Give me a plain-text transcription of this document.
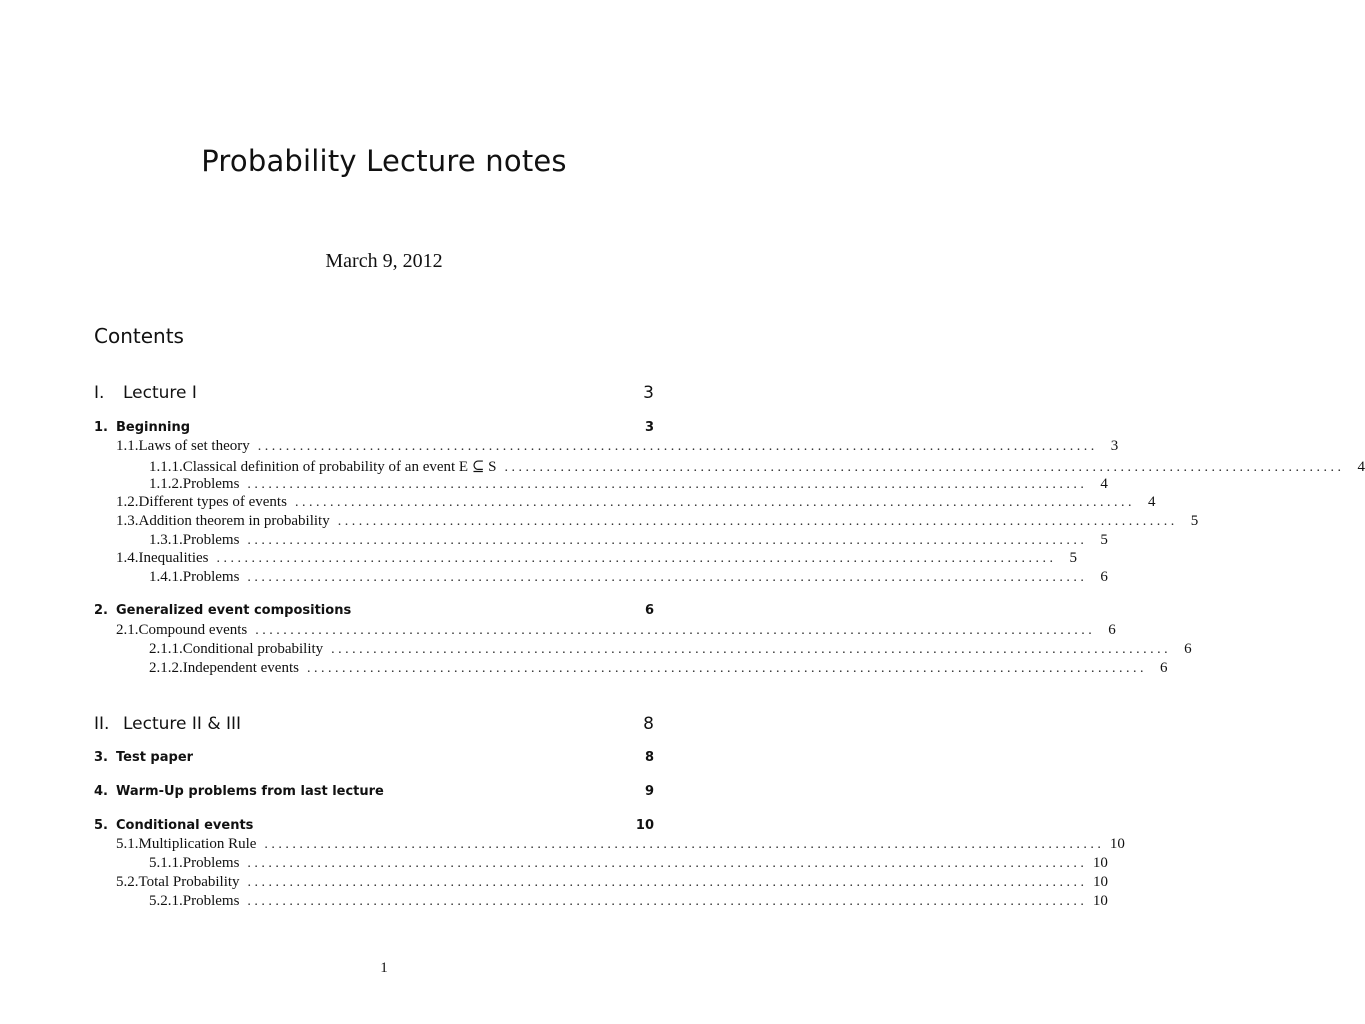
Probability Lecture notes
March 9, 2012
Contents
I.	Lecture I	3
1. Beginning	3
1.1. Laws of set theory . . . . . . . . . . . . . . . . . . . . . . . . . . . . . . . . . . . . . . . . . . . . . . . . . . . . . . . . . . . . . . . . . . . . . . . . . . . . . . . . . . . . . . . . . . . . . . . . . . . . . . . . . . . . . . . . . . . . . . . .	3
1.1.1. Classical definition of probability of an event E ⊆ S . . . . . . . . . . . . . . . . . . . . . . . . . . . . . . . . . . . . . . . . . . . . . . . . . . . . . . . . . . . . . . . . . . . . . . . . . . . . . . . . . . . . . . . . . . . . . . . . . . . . . . . . . . . . . . . . . . . . . . . .	4
1.1.2. Problems . . . . . . . . . . . . . . . . . . . . . . . . . . . . . . . . . . . . . . . . . . . . . . . . . . . . . . . . . . . . . . . . . . . . . . . . . . . . . . . . . . . . . . . . . . . . . . . . . . . . . . . . . . . . . . . . . . . . . . . .	4
1.2. Different types of events . . . . . . . . . . . . . . . . . . . . . . . . . . . . . . . . . . . . . . . . . . . . . . . . . . . . . . . . . . . . . . . . . . . . . . . . . . . . . . . . . . . . . . . . . . . . . . . . . . . . . . . . . . . . . . . . . . . . . . . .	4
1.3. Addition theorem in probability . . . . . . . . . . . . . . . . . . . . . . . . . . . . . . . . . . . . . . . . . . . . . . . . . . . . . . . . . . . . . . . . . . . . . . . . . . . . . . . . . . . . . . . . . . . . . . . . . . . . . . . . . . . . . . . . . . . . . . . .	5
1.3.1. Problems . . . . . . . . . . . . . . . . . . . . . . . . . . . . . . . . . . . . . . . . . . . . . . . . . . . . . . . . . . . . . . . . . . . . . . . . . . . . . . . . . . . . . . . . . . . . . . . . . . . . . . . . . . . . . . . . . . . . . . . .	5
1.4. Inequalities . . . . . . . . . . . . . . . . . . . . . . . . . . . . . . . . . . . . . . . . . . . . . . . . . . . . . . . . . . . . . . . . . . . . . . . . . . . . . . . . . . . . . . . . . . . . . . . . . . . . . . . . . . . . . . . . . . . . . . . .	5
1.4.1. Problems . . . . . . . . . . . . . . . . . . . . . . . . . . . . . . . . . . . . . . . . . . . . . . . . . . . . . . . . . . . . . . . . . . . . . . . . . . . . . . . . . . . . . . . . . . . . . . . . . . . . . . . . . . . . . . . . . . . . . . . .	6
2. Generalized event compositions	6
2.1. Compound events . . . . . . . . . . . . . . . . . . . . . . . . . . . . . . . . . . . . . . . . . . . . . . . . . . . . . . . . . . . . . . . . . . . . . . . . . . . . . . . . . . . . . . . . . . . . . . . . . . . . . . . . . . . . . . . . . . . . . . . .	6
2.1.1. Conditional probability . . . . . . . . . . . . . . . . . . . . . . . . . . . . . . . . . . . . . . . . . . . . . . . . . . . . . . . . . . . . . . . . . . . . . . . . . . . . . . . . . . . . . . . . . . . . . . . . . . . . . . . . . . . . . . . . . . . . . . . .	6
2.1.2. Independent events . . . . . . . . . . . . . . . . . . . . . . . . . . . . . . . . . . . . . . . . . . . . . . . . . . . . . . . . . . . . . . . . . . . . . . . . . . . . . . . . . . . . . . . . . . . . . . . . . . . . . . . . . . . . . . . . . . . . . . . .	6
II. Lecture II & III	8
3. Test paper	8
4. Warm-Up problems from last lecture	9
5. Conditional events	10
5.1. Multiplication Rule . . . . . . . . . . . . . . . . . . . . . . . . . . . . . . . . . . . . . . . . . . . . . . . . . . . . . . . . . . . . . . . . . . . . . . . . . . . . . . . . . . . . . . . . . . . . . . . . . . . . . . . . . . . . . . . . . . . . . . . . 10
5.1.1. Problems . . . . . . . . . . . . . . . . . . . . . . . . . . . . . . . . . . . . . . . . . . . . . . . . . . . . . . . . . . . . . . . . . . . . . . . . . . . . . . . . . . . . . . . . . . . . . . . . . . . . . . . . . . . . . . . . . . . . . . . . 10
5.2. Total Probability . . . . . . . . . . . . . . . . . . . . . . . . . . . . . . . . . . . . . . . . . . . . . . . . . . . . . . . . . . . . . . . . . . . . . . . . . . . . . . . . . . . . . . . . . . . . . . . . . . . . . . . . . . . . . . . . . . . . . . . . 10
5.2.1. Problems . . . . . . . . . . . . . . . . . . . . . . . . . . . . . . . . . . . . . . . . . . . . . . . . . . . . . . . . . . . . . . . . . . . . . . . . . . . . . . . . . . . . . . . . . . . . . . . . . . . . . . . . . . . . . . . . . . . . . . . . 10
1
